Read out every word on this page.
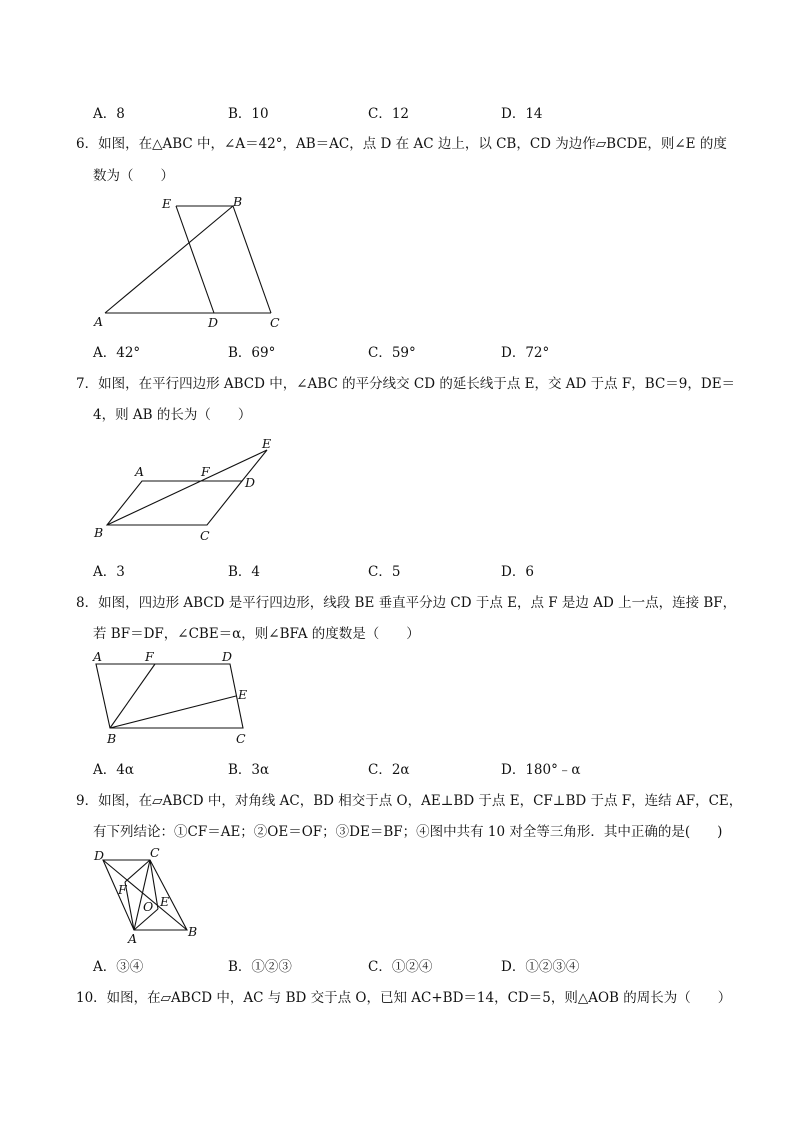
A．8	B．10	C．12	D．14
6．如图，在△ABC 中，∠A＝42°，AB＝AC，点 D 在 AC 边上，以 CB，CD 为边作▱BCDE，则∠E 的度
数为（　　）
E	B
A	D	C
A．42°	B．69°	C．59°	D．72°
7．如图，在平行四边形 ABCD 中，∠ABC 的平分线交 CD 的延长线于点 E，交 AD 于点 F，BC＝9，DE＝
4，则 AB 的长为（　　）
A	F
E
D
B	C
A．3	B．4	C．5	D．6
8．如图，四边形 ABCD 是平行四边形，线段 BE 垂直平分边 CD 于点 E，点 F 是边 AD 上一点，连接 BF，
若 BF＝DF，∠CBE＝α，则∠BFA 的度数是（　　）
A	F	D
E
B	C
A．4α	B．3α	C．2α	D．180°﹣α
9．如图，在▱ABCD 中，对角线 AC，BD 相交于点 O，AE⊥BD 于点 E，CF⊥BD 于点 F，连结 AF，CE，
有下列结论：①CF＝AE；②OE＝OF；③DE＝BF；④图中共有 10 对全等三角形．其中正确的是(　　)
D	C
F
O E
A	B
A．③④	B．①②③	C．①②④	D．①②③④
10．如图，在▱ABCD 中，AC 与 BD 交于点 O，已知 AC+BD＝14，CD＝5，则△AOB 的周长为（　　）
